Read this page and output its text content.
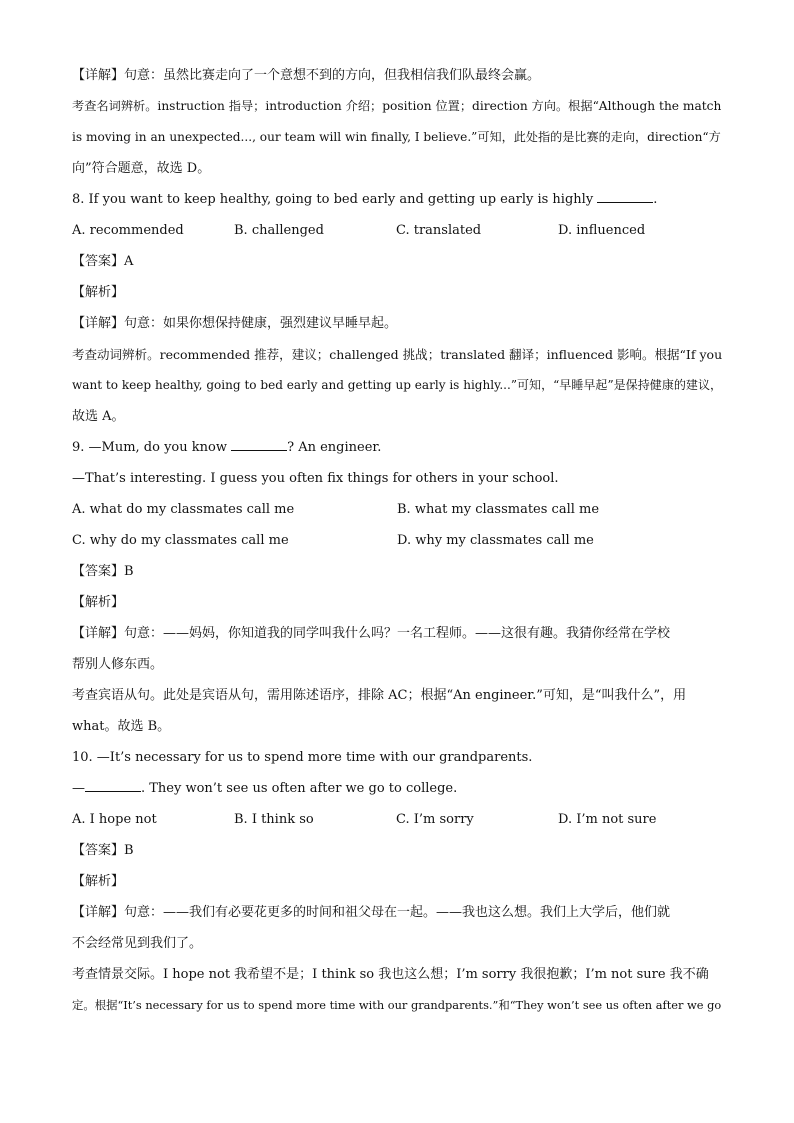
【详解】句意：虽然比赛走向了一个意想不到的方向，但我相信我们队最终会赢。
考查名词辨析。instruction 指导；introduction 介绍；position 位置；direction 方向。根据“Although the match
is moving in an unexpected..., our team will win finally, I believe.”可知，此处指的是比赛的走向，direction“方
向”符合题意，故选 D。
8. If you want to keep healthy, going to bed early and getting up early is highly	.
A. recommended	B. challenged	C. translated	D. influenced
【答案】A
【解析】
【详解】句意：如果你想保持健康，强烈建议早睡早起。
考查动词辨析。recommended 推荐，建议；challenged 挑战；translated 翻译；influenced 影响。根据“If you
want to keep healthy, going to bed early and getting up early is highly...”可知，“早睡早起”是保持健康的建议，
故选 A。
9. —Mum, do you know	? An engineer.
—That’s interesting. I guess you often fix things for others in your school.
A. what do my classmates call me	B. what my classmates call me
C. why do my classmates call me	D. why my classmates call me
【答案】B
【解析】
【详解】句意：——妈妈，你知道我的同学叫我什么吗？一名工程师。——这很有趣。我猜你经常在学校
帮别人修东西。
考查宾语从句。此处是宾语从句，需用陈述语序，排除 AC；根据“An engineer.”可知，是“叫我什么”，用
what。故选 B。
10. —It’s necessary for us to spend more time with our grandparents.
—	. They won’t see us often after we go to college.
A. I hope not	B. I think so	C. I’m sorry	D. I’m not sure
【答案】B
【解析】
【详解】句意：——我们有必要花更多的时间和祖父母在一起。——我也这么想。我们上大学后，他们就
不会经常见到我们了。
考查情景交际。I hope not 我希望不是；I think so 我也这么想；I’m sorry 我很抱歉；I’m not sure 我不确
定。根据“It’s necessary for us to spend more time with our grandparents.”和“They won’t see us often after we go
